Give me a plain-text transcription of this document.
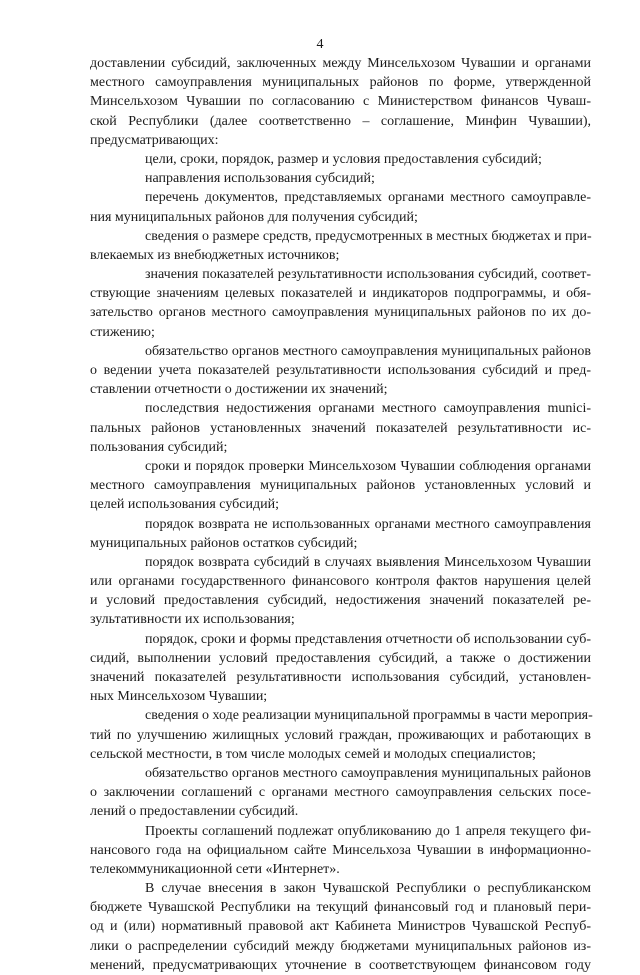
4
доставлении субсидий, заключенных между Минсельхозом Чувашии и органами
местного самоуправления муниципальных районов по форме, утвержденной
Минсельхозом Чувашии по согласованию с Министерством финансов Чуваш-
ской Республики (далее соответственно – соглашение, Минфин Чувашии),
предусматривающих:
цели, сроки, порядок, размер и условия предоставления субсидий;
направления использования субсидий;
перечень документов, представляемых органами местного самоуправле-
ния муниципальных районов для получения субсидий;
сведения о размере средств, предусмотренных в местных бюджетах и при-
влекаемых из внебюджетных источников;
значения показателей результативности использования субсидий, соответ-
ствующие значениям целевых показателей и индикаторов подпрограммы, и обя-
зательство органов местного самоуправления муниципальных районов по их до-
стижению;
обязательство органов местного самоуправления муниципальных районов
о ведении учета показателей результативности использования субсидий и пред-
ставлении отчетности о достижении их значений;
последствия недостижения органами местного самоуправления munici-
пальных районов установленных значений показателей результативности ис-
пользования субсидий;
сроки и порядок проверки Минсельхозом Чувашии соблюдения органами
местного самоуправления муниципальных районов установленных условий и
целей использования субсидий;
порядок возврата не использованных органами местного самоуправления
муниципальных районов остатков субсидий;
порядок возврата субсидий в случаях выявления Минсельхозом Чувашии
или органами государственного финансового контроля фактов нарушения целей
и условий предоставления субсидий, недостижения значений показателей ре-
зультативности их использования;
порядок, сроки и формы представления отчетности об использовании суб-
сидий, выполнении условий предоставления субсидий, а также о достижении
значений показателей результативности использования субсидий, установлен-
ных Минсельхозом Чувашии;
сведения о ходе реализации муниципальной программы в части мероприя-
тий по улучшению жилищных условий граждан, проживающих и работающих в
сельской местности, в том числе молодых семей и молодых специалистов;
обязательство органов местного самоуправления муниципальных районов
о заключении соглашений с органами местного самоуправления сельских посе-
лений о предоставлении субсидий.
Проекты соглашений подлежат опубликованию до 1 апреля текущего фи-
нансового года на официальном сайте Минсельхоза Чувашии в информационно-
телекоммуникационной сети «Интернет».
В случае внесения в закон Чувашской Республики о республиканском
бюджете Чувашской Республики на текущий финансовый год и плановый пери-
од и (или) нормативный правовой акт Кабинета Министров Чувашской Респуб-
лики о распределении субсидий между бюджетами муниципальных районов из-
менений, предусматривающих уточнение в соответствующем финансовом году
